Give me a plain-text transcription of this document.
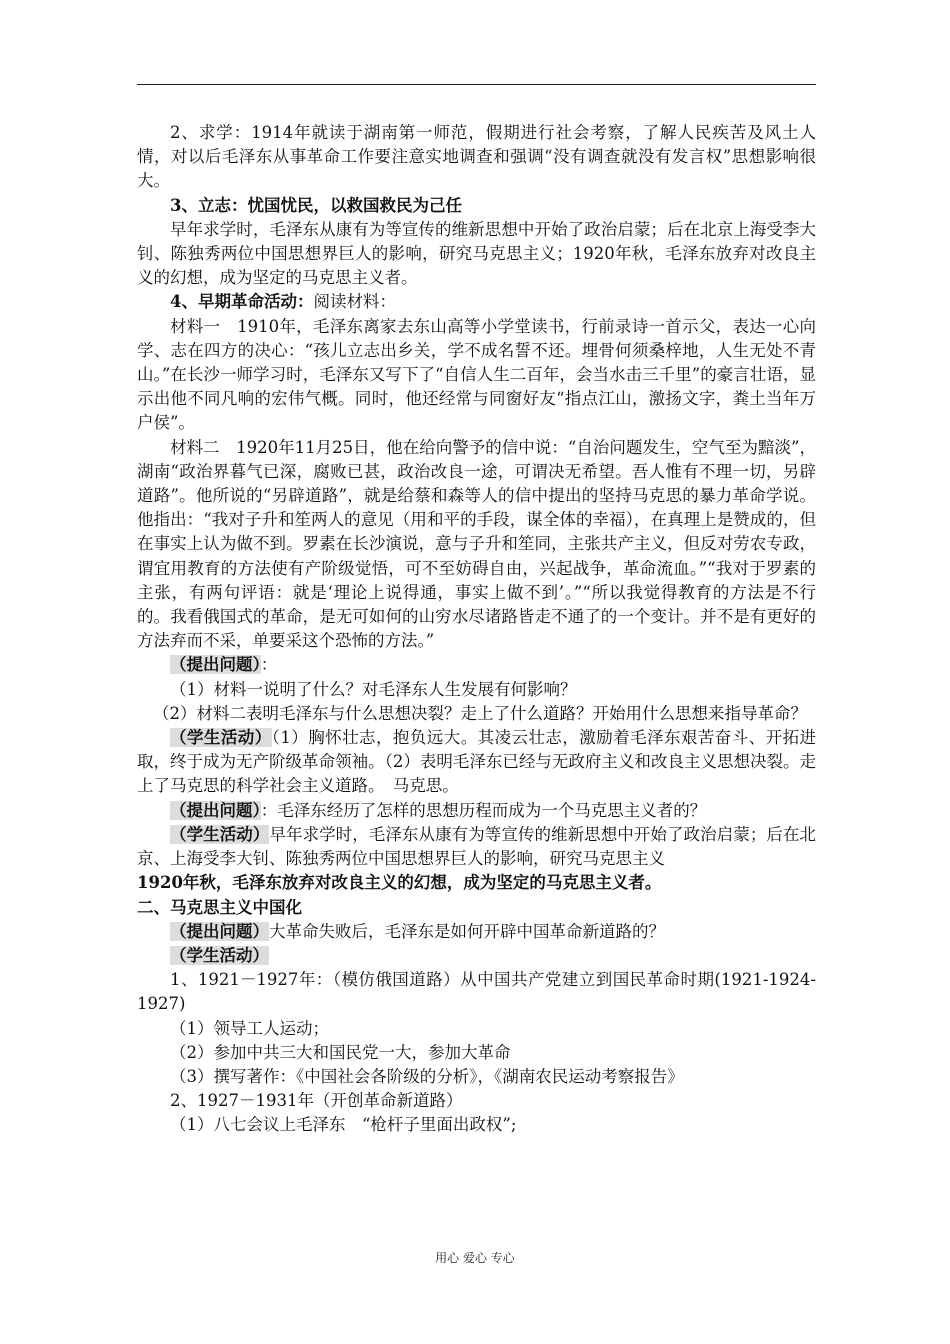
2、求学：1914年就读于湖南第一师范，假期进行社会考察，了解人民疾苦及风土人情，对以后毛泽东从事革命工作要注意实地调查和强调“没有调查就没有发言权”思想影响很大。

3、立志：忧国忧民，以救国救民为己任

早年求学时，毛泽东从康有为等宣传的维新思想中开始了政治启蒙；后在北京上海受李大钊、陈独秀两位中国思想界巨人的影响，研究马克思主义；1920年秋，毛泽东放弃对改良主义的幻想，成为坚定的马克思主义者。

4、早期革命活动：阅读材料：

材料一　1910年，毛泽东离家去东山高等小学堂读书，行前录诗一首示父，表达一心向学、志在四方的决心：“孩儿立志出乡关，学不成名誓不还。埋骨何须桑梓地，人生无处不青山。”在长沙一师学习时，毛泽东又写下了“自信人生二百年，会当水击三千里”的豪言壮语，显示出他不同凡响的宏伟气概。同时，他还经常与同窗好友“指点江山，激扬文字，粪土当年万户侯”。

材料二　1920年11月25日，他在给向警予的信中说：“自治问题发生，空气至为黯淡”，湖南“政治界暮气已深，腐败已甚，政治改良一途，可谓决无希望。吾人惟有不理一切，另辟道路”。他所说的“另辟道路”，就是给蔡和森等人的信中提出的坚持马克思的暴力革命学说。他指出：“我对子升和笙两人的意见（用和平的手段，谋全体的幸福），在真理上是赞成的，但在事实上认为做不到。罗素在长沙演说，意与子升和笙同，主张共产主义，但反对劳农专政，谓宜用教育的方法使有产阶级觉悟，可不至妨碍自由，兴起战争，革命流血。”“我对于罗素的主张，有两句评语：就是‘理论上说得通，事实上做不到’。”“所以我觉得教育的方法是不行的。我看俄国式的革命，是无可如何的山穷水尽诸路皆走不通了的一个变计。并不是有更好的方法弃而不采，单要采这个恐怖的方法。”

（提出问题）：

（1）材料一说明了什么？对毛泽东人生发展有何影响？

（2）材料二表明毛泽东与什么思想决裂？走上了什么道路？开始用什么思想来指导革命？

（学生活动）（1）胸怀壮志，抱负远大。其凌云壮志，激励着毛泽东艰苦奋斗、开拓进取，终于成为无产阶级革命领袖。（2）表明毛泽东已经与无政府主义和改良主义思想决裂。走上了马克思的科学社会主义道路。　马克思。

（提出问题）：毛泽东经历了怎样的思想历程而成为一个马克思主义者的？

（学生活动）早年求学时，毛泽东从康有为等宣传的维新思想中开始了政治启蒙；后在北京、上海受李大钊、陈独秀两位中国思想界巨人的影响，研究马克思主义

1920年秋，毛泽东放弃对改良主义的幻想，成为坚定的马克思主义者。

二、马克思主义中国化

（提出问题）大革命失败后，毛泽东是如何开辟中国革命新道路的？

（学生活动）

1、1921－1927年：（模仿俄国道路）从中国共产党建立到国民革命时期(1921-1924-1927)

（1）领导工人运动；

（2）参加中共三大和国民党一大，参加大革命

（3）撰写著作：《中国社会各阶级的分析》，《湖南农民运动考察报告》

2、1927－1931年（开创革命新道路）

（1）八七会议上毛泽东　“枪杆子里面出政权”;

用心 爱心 专心
